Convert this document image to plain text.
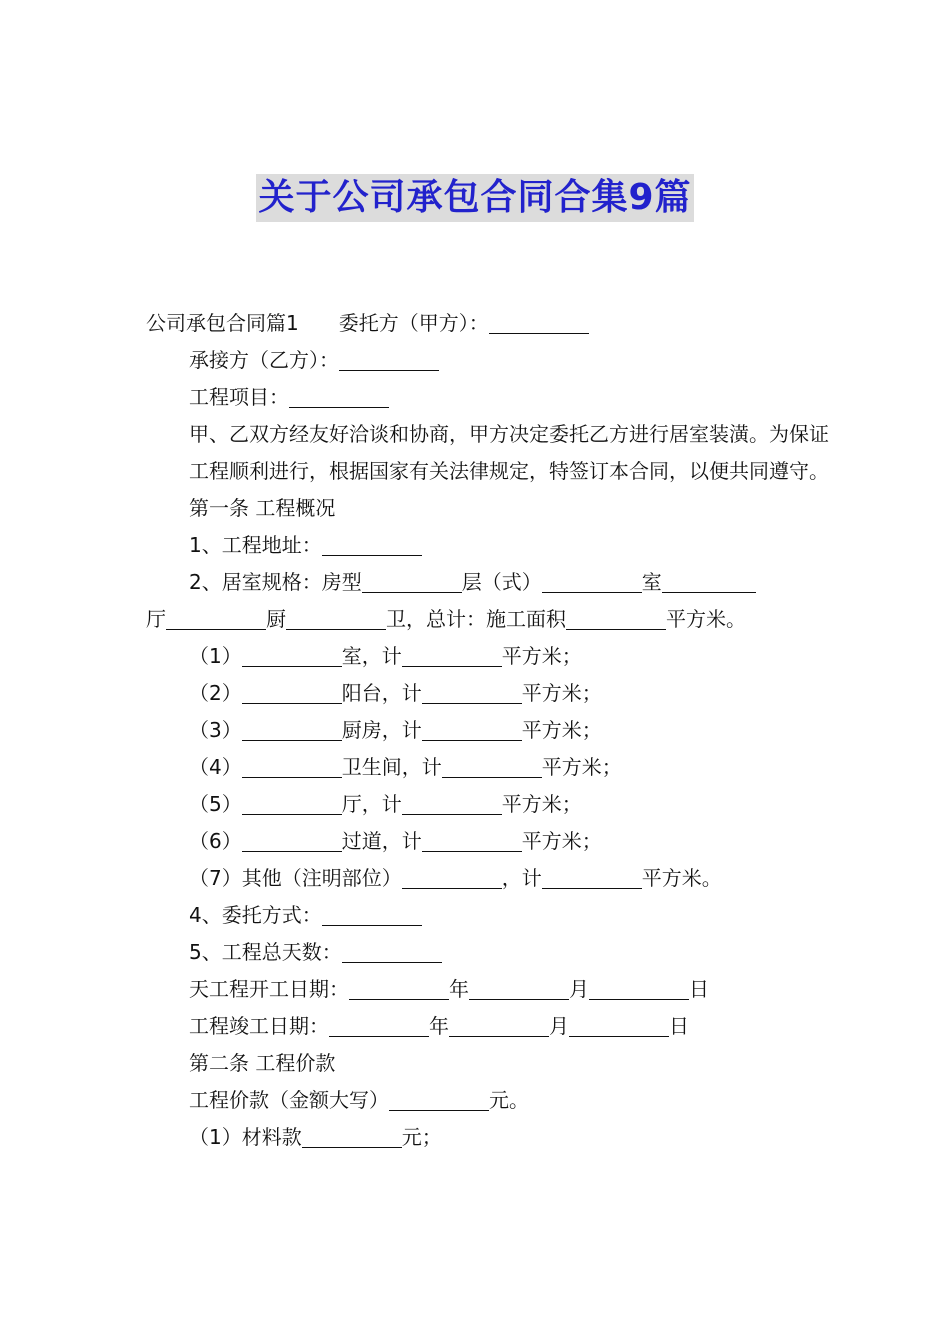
关于公司承包合同合集9篇
公司承包合同篇1 委托方（甲方）：
承接方（乙方）：
工程项目：
甲、乙双方经友好洽谈和协商，甲方决定委托乙方进行居室装潢。为保证工程顺利进行，根据国家有关法律规定，特签订本合同，以便共同遵守。
第一条 工程概况
1、工程地址：
2、居室规格：房型	层（式）	室
厅	厨	卫，总计：施工面积	平方米。
（1）	室，计	平方米；
（2）	阳台，计	平方米；
（3）	厨房，计	平方米；
（4）	卫生间，计	平方米；
（5）	厅，计	平方米；
（6）	过道，计	平方米；
（7）其他（注明部位）	，计	平方米。
4、委托方式：
5、工程总天数：
天工程开工日期：	年	月	日
工程竣工日期：	年	月	日
第二条 工程价款
工程价款（金额大写）	元。
（1）材料款	元；
